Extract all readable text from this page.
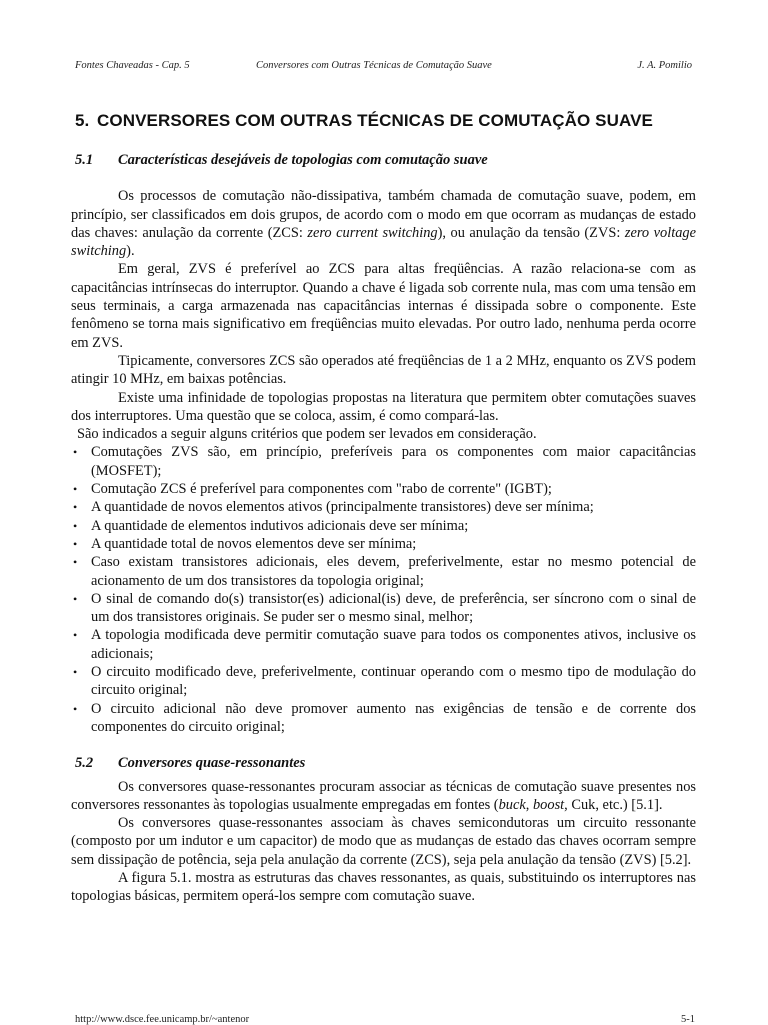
Fontes Chaveadas - Cap. 5	Conversores com Outras Técnicas de Comutação Suave	J. A. Pomilio
5. CONVERSORES COM OUTRAS TÉCNICAS DE COMUTAÇÃO SUAVE
5.1 Características desejáveis de topologias com comutação suave

Os processos de comutação não-dissipativa, também chamada de comutação suave, podem, em princípio, ser classificados em dois grupos, de acordo com o modo em que ocorram as mudanças de estado das chaves: anulação da corrente (ZCS: zero current switching), ou anulação da tensão (ZVS: zero voltage switching).

Em geral, ZVS é preferível ao ZCS para altas freqüências. A razão relaciona-se com as capacitâncias intrínsecas do interruptor. Quando a chave é ligada sob corrente nula, mas com uma tensão em seus terminais, a carga armazenada nas capacitâncias internas é dissipada sobre o componente. Este fenômeno se torna mais significativo em freqüências muito elevadas. Por outro lado, nenhuma perda ocorre em ZVS.

Tipicamente, conversores ZCS são operados até freqüências de 1 a 2 MHz, enquanto os ZVS podem atingir 10 MHz, em baixas potências.

Existe uma infinidade de topologias propostas na literatura que permitem obter comutações suaves dos interruptores. Uma questão que se coloca, assim, é como compará-las.

São indicados a seguir alguns critérios que podem ser levados em consideração.

• Comutações ZVS são, em princípio, preferíveis para os componentes com maior capacitâncias (MOSFET);
• Comutação ZCS é preferível para componentes com "rabo de corrente" (IGBT);
• A quantidade de novos elementos ativos (principalmente transistores) deve ser mínima;
• A quantidade de elementos indutivos adicionais deve ser mínima;
• A quantidade total de novos elementos deve ser mínima;
• Caso existam transistores adicionais, eles devem, preferivelmente, estar no mesmo potencial de acionamento de um dos transistores da topologia original;
• O sinal de comando do(s) transistor(es) adicional(is) deve, de preferência, ser síncrono com o sinal de um dos transistores originais. Se puder ser o mesmo sinal, melhor;
• A topologia modificada deve permitir comutação suave para todos os componentes ativos, inclusive os adicionais;
• O circuito modificado deve, preferivelmente, continuar operando com o mesmo tipo de modulação do circuito original;
• O circuito adicional não deve promover aumento nas exigências de tensão e de corrente dos componentes do circuito original;
5.2 Conversores quase-ressonantes

Os conversores quase-ressonantes procuram associar as técnicas de comutação suave presentes nos conversores ressonantes às topologias usualmente empregadas em fontes (buck, boost, Cuk, etc.) [5.1].

Os conversores quase-ressonantes associam às chaves semicondutoras um circuito ressonante (composto por um indutor e um capacitor) de modo que as mudanças de estado das chaves ocorram sempre sem dissipação de potência, seja pela anulação da corrente (ZCS), seja pela anulação da tensão (ZVS) [5.2].

A figura 5.1. mostra as estruturas das chaves ressonantes, as quais, substituindo os interruptores nas topologias básicas, permitem operá-los sempre com comutação suave.

http://www.dsce.fee.unicamp.br/~antenor	5-1
